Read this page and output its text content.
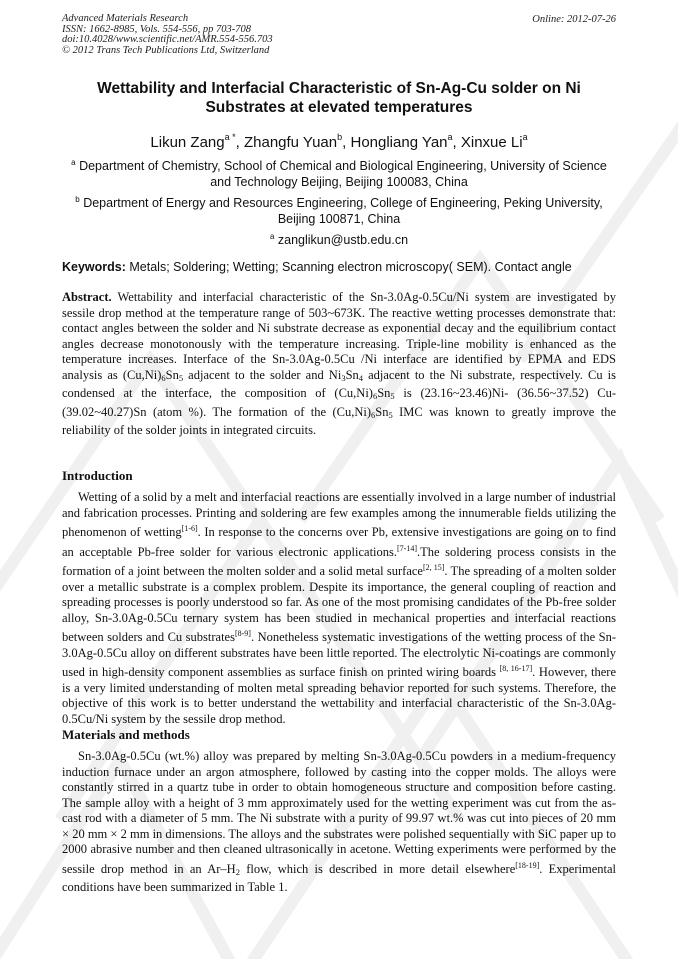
Advanced Materials Research
ISSN: 1662-8985, Vols. 554-556, pp 703-708
doi:10.4028/www.scientific.net/AMR.554-556.703
© 2012 Trans Tech Publications Ltd, Switzerland
Online: 2012-07-26
Wettability and Interfacial Characteristic of Sn-Ag-Cu solder on Ni
Substrates at elevated temperatures
Likun Zang$^{a *}$, Zhangfu Yuan$^b$, Hongliang Yan$^a$, Xinxue Li$^a$
$^a$ Department of Chemistry, School of Chemical and Biological Engineering, University of Science
and Technology Beijing, Beijing 100083, China
$^b$ Department of Energy and Resources Engineering, College of Engineering, Peking University,
Beijing 100871, China
$^a$ zanglikun@ustb.edu.cn
Keywords: Metals; Soldering; Wetting; Scanning electron microscopy( SEM). Contact angle
Abstract. Wettability and interfacial characteristic of the Sn-3.0Ag-0.5Cu/Ni system are investigated by sessile drop method at the temperature range of 503~673K. The reactive wetting processes demonstrate that: contact angles between the solder and Ni substrate decrease as exponential decay and the equilibrium contact angles decrease monotonously with the temperature increasing. Triple-line mobility is enhanced as the temperature increases. Interface of the Sn-3.0Ag-0.5Cu /Ni interface are identified by EPMA and EDS analysis as $(Cu,Ni)_6Sn_5$ adjacent to the solder and $Ni_3Sn_4$ adjacent to the Ni substrate, respectively. Cu is condensed at the interface, the composition of $(Cu,Ni)_6Sn_5$ is (23.16~23.46)Ni- (36.56~37.52) Cu-(39.02~40.27)Sn (atom %). The formation of the $(Cu,Ni)_6Sn_5$ IMC was known to greatly improve the reliability of the solder joints in integrated circuits.
Introduction
Wetting of a solid by a melt and interfacial reactions are essentially involved in a large number of industrial and fabrication processes. Printing and soldering are few examples among the innumerable fields utilizing the phenomenon of wetting[1-6]. In response to the concerns over Pb, extensive investigations are going on to find an acceptable Pb-free solder for various electronic applications.[7-14].The soldering process consists in the formation of a joint between the molten solder and a solid metal surface[2, 15]. The spreading of a molten solder over a metallic substrate is a complex problem. Despite its importance, the general coupling of reaction and spreading processes is poorly understood so far. As one of the most promising candidates of the Pb-free solder alloy, Sn-3.0Ag-0.5Cu ternary system has been studied in mechanical properties and interfacial reactions between solders and Cu substrates[8-9]. Nonetheless systematic investigations of the wetting process of the Sn-3.0Ag-0.5Cu alloy on different substrates have been little reported. The electrolytic Ni-coatings are commonly used in high-density component assemblies as surface finish on printed wiring boards [8, 16-17]. However, there is a very limited understanding of molten metal spreading behavior reported for such systems. Therefore, the objective of this work is to better understand the wettability and interfacial characteristic of the Sn-3.0Ag-0.5Cu/Ni system by the sessile drop method.
Materials and methods
Sn-3.0Ag-0.5Cu (wt.%) alloy was prepared by melting Sn-3.0Ag-0.5Cu powders in a medium-frequency induction furnace under an argon atmosphere, followed by casting into the copper molds. The alloys were constantly stirred in a quartz tube in order to obtain homogeneous structure and composition before casting. The sample alloy with a height of 3 mm approximately used for the wetting experiment was cut from the as-cast rod with a diameter of 5 mm. The Ni substrate with a purity of 99.97 wt.% was cut into pieces of 20 mm × 20 mm × 2 mm in dimensions. The alloys and the substrates were polished sequentially with SiC paper up to 2000 abrasive number and then cleaned ultrasonically in acetone. Wetting experiments were performed by the sessile drop method in an $Ar-H_2$ flow, which is described in more detail elsewhere[18-19]. Experimental conditions have been summarized in Table 1.
